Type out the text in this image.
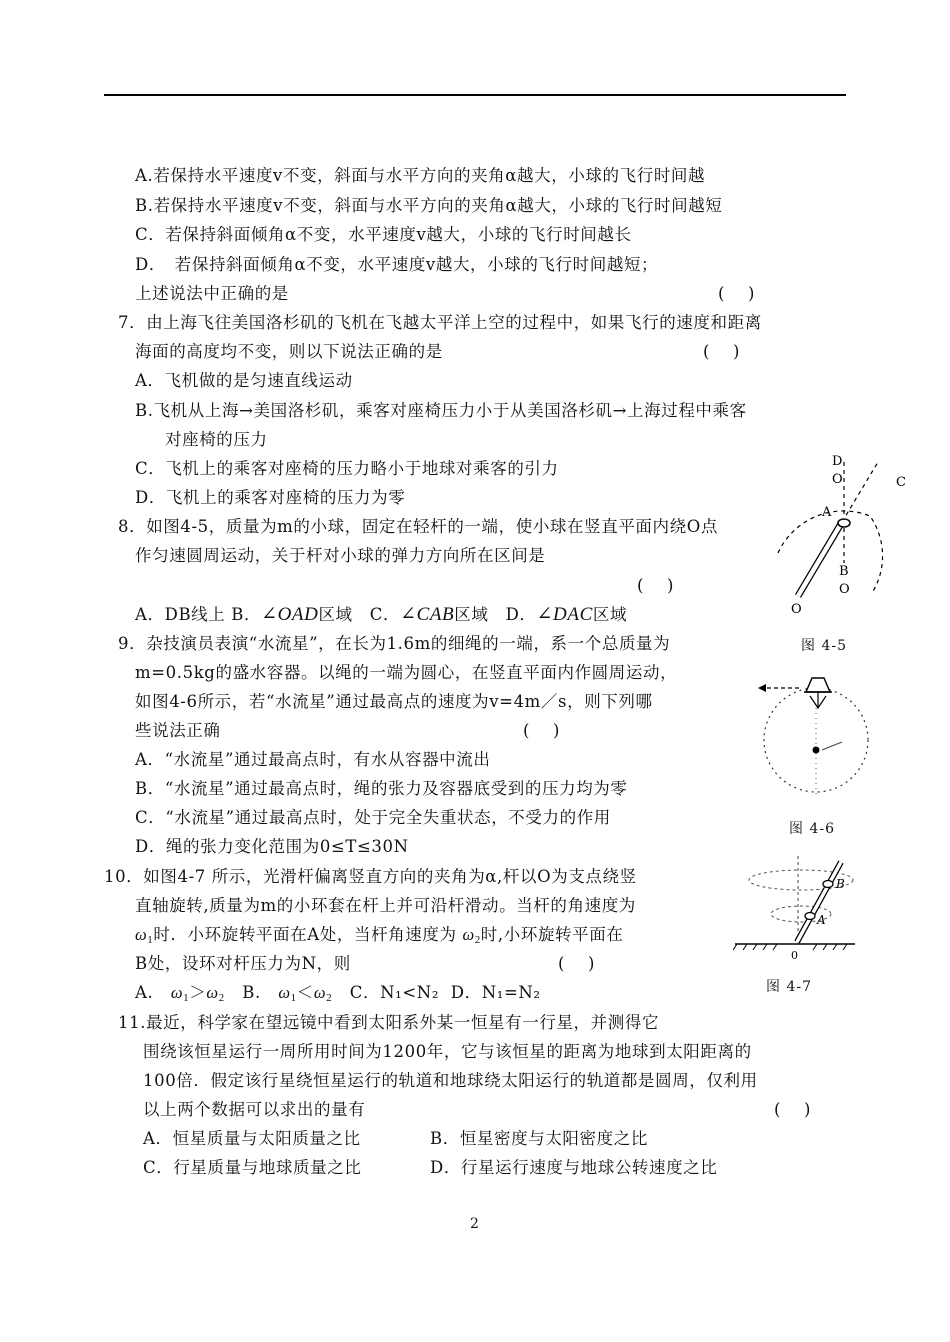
A.若保持水平速度v不变，斜面与水平方向的夹角α越大，小球的飞行时间越
B.若保持水平速度v不变，斜面与水平方向的夹角α越大，小球的飞行时间越短
C．若保持斜面倾角α不变，水平速度v越大，小球的飞行时间越长
D．　若保持斜面倾角α不变，水平速度v越大，小球的飞行时间越短；
上述说法中正确的是	(　 )
7．由上海飞往美国洛杉矶的飞机在飞越太平洋上空的过程中，如果飞行的速度和距离
海面的高度均不变，则以下说法正确的是	(　 )
A．飞机做的是匀速直线运动
B.飞机从上海→美国洛杉矶，乘客对座椅压力小于从美国洛杉矶→上海过程中乘客
对座椅的压力
C．飞机上的乘客对座椅的压力略小于地球对乘客的引力
D．飞机上的乘客对座椅的压力为零
8．如图4-5，质量为m的小球，固定在轻杆的一端，使小球在竖直平面内绕O点
作匀速圆周运动，关于杆对小球的弹力方向所在区间是
(　 )
A．DB线上 B．∠OAD区域　C．∠CAB区域　D．∠DAC区域
9．杂技演员表演“水流星”，在长为1.6m的细绳的一端，系一个总质量为
m=0.5kg的盛水容器。以绳的一端为圆心，在竖直平面内作圆周运动，
如图4-6所示，若“水流星”通过最高点的速度为v=4m／s，则下列哪
些说法正确	(　 )
A．“水流星”通过最高点时，有水从容器中流出
B．“水流星”通过最高点时，绳的张力及容器底受到的压力均为零
C．“水流星”通过最高点时，处于完全失重状态，不受力的作用
D．绳的张力变化范围为0≤T≤30N
10．如图4-7 所示，光滑杆偏离竖直方向的夹角为α,杆以O为支点绕竖
直轴旋转,质量为m的小环套在杆上并可沿杆滑动。当杆的角速度为
$\omega_1$时．小环旋转平面在A处，当杆角速度为 $\omega_2$时,小环旋转平面在
B处，设环对杆压力为N，则	(　 )
A. $\omega_1>\omega_2$ B. $\omega_1<\omega_2$ C．N₁<N₂ D．N₁=N₂
11.最近，科学家在望远镜中看到太阳系外某一恒星有一行星，并测得它
围绕该恒星运行一周所用时间为1200年，它与该恒星的距离为地球到太阳距离的
100倍．假定该行星绕恒星运行的轨道和地球绕太阳运行的轨道都是圆周，仅利用
以上两个数据可以求出的量有	(　 )
A．恒星质量与太阳质量之比	B．恒星密度与太阳密度之比
C．行星质量与地球质量之比	D．行星运行速度与地球公转速度之比
D
O	C
A
B
O
O
图 4-5
图 4-6
B
A
0
图 4-7
2
